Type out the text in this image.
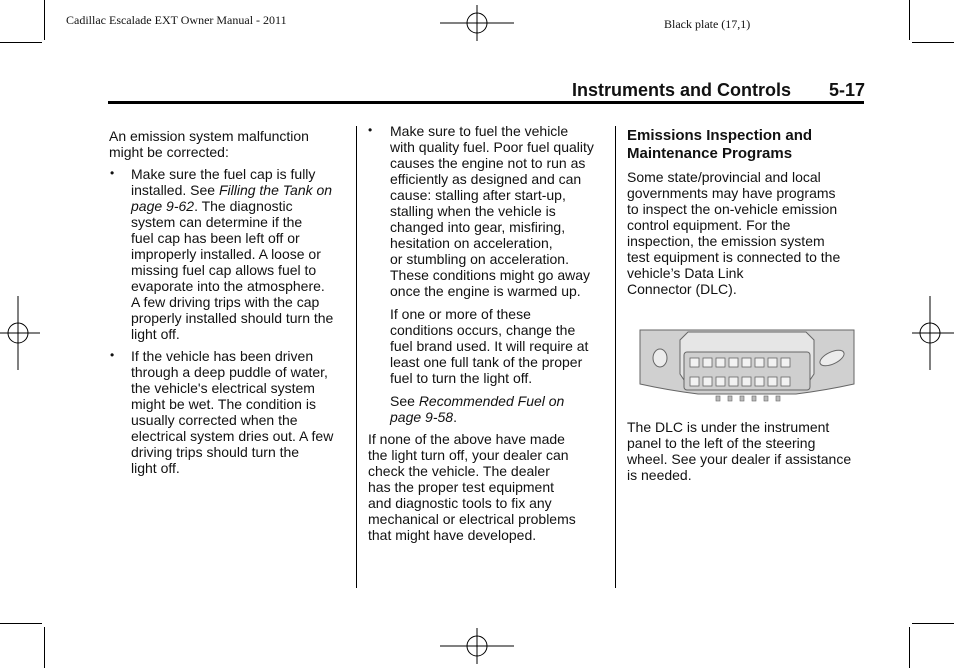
Cadillac Escalade EXT Owner Manual - 2011	Black plate (17,1)
Instruments and Controls 5-17

An emission system malfunction

might be corrected:

• Make sure the fuel cap is fully

installed. See Filling the Tank on

page 9-62. The diagnostic

system can determine if the

fuel cap has been left off or

improperly installed. A loose or

missing fuel cap allows fuel to

evaporate into the atmosphere.

A few driving trips with the cap

properly installed should turn the

light off.

• If the vehicle has been driven

through a deep puddle of water,

the vehicle's electrical system

might be wet. The condition is

usually corrected when the

electrical system dries out. A few

driving trips should turn the

light off.

• Make sure to fuel the vehicle

with quality fuel. Poor fuel quality

causes the engine not to run as

efficiently as designed and can

cause: stalling after start-up,

stalling when the vehicle is

changed into gear, misfiring,

hesitation on acceleration,

or stumbling on acceleration.

These conditions might go away

once the engine is warmed up.

If one or more of these

conditions occurs, change the

fuel brand used. It will require at

least one full tank of the proper

fuel to turn the light off.

See Recommended Fuel on

page 9-58.

If none of the above have made

the light turn off, your dealer can

check the vehicle. The dealer

has the proper test equipment

and diagnostic tools to fix any

mechanical or electrical problems

that might have developed.

Emissions Inspection and
Maintenance Programs

Some state/provincial and local

governments may have programs

to inspect the on-vehicle emission

control equipment. For the

inspection, the emission system

test equipment is connected to the

vehicle’s Data Link

Connector (DLC).

The DLC is under the instrument

panel to the left of the steering

wheel. See your dealer if assistance

is needed.
